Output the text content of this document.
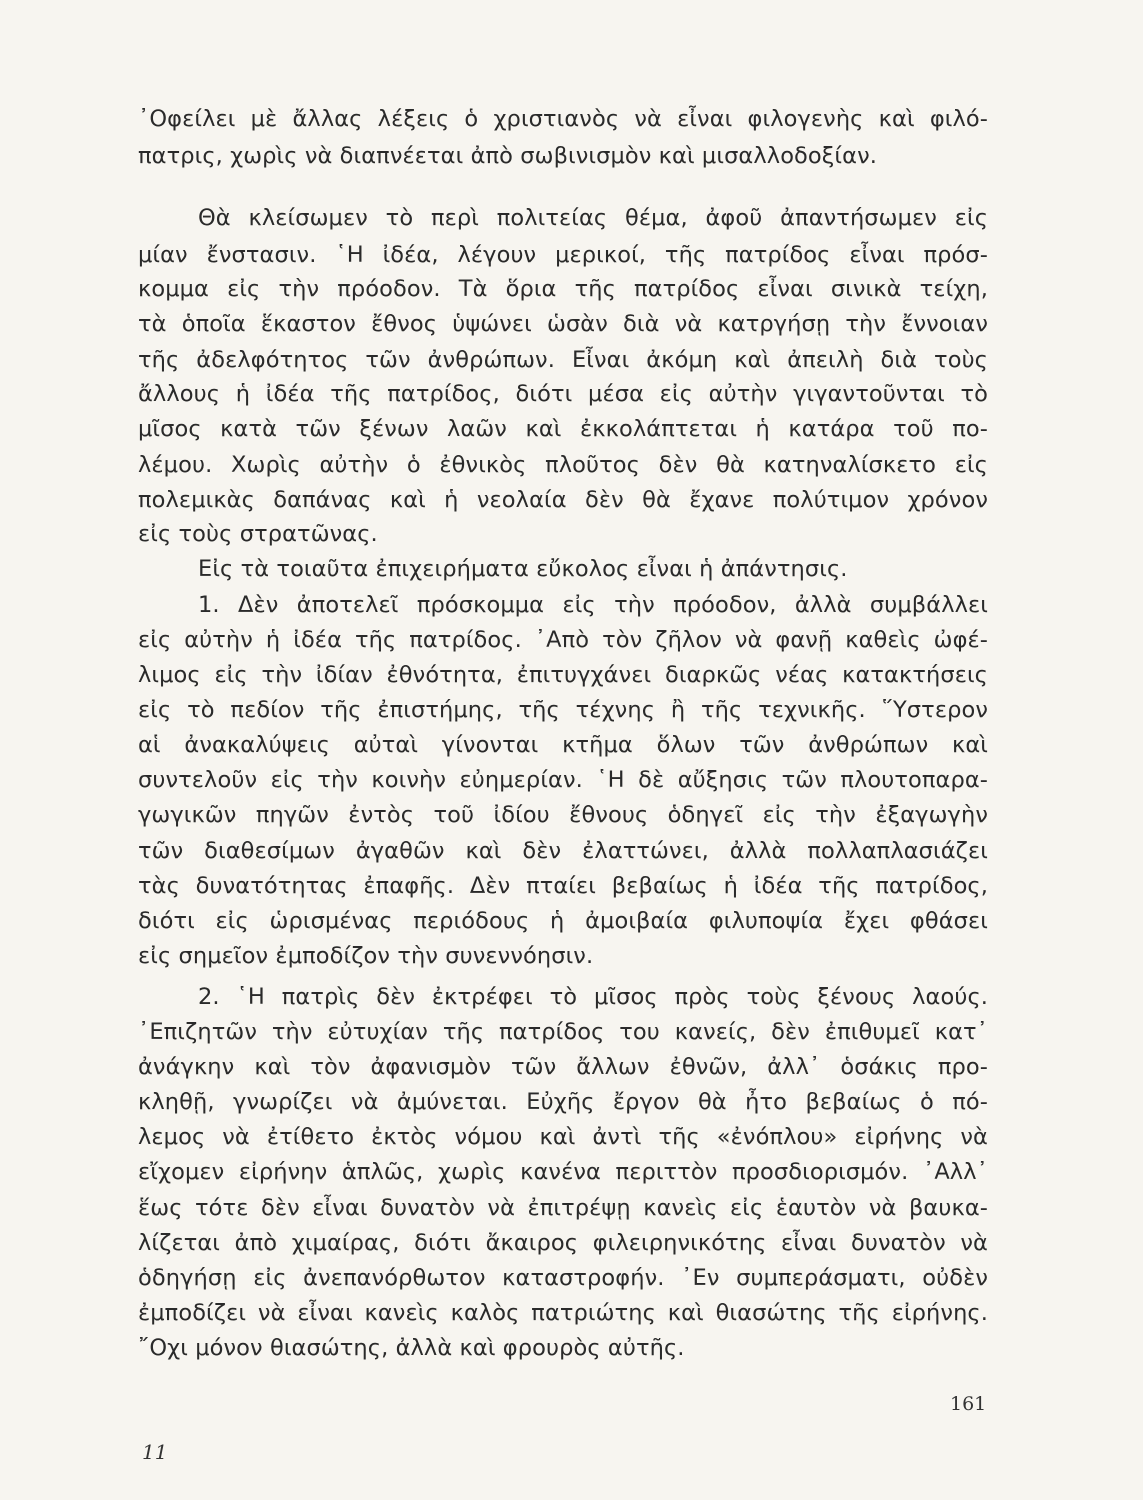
᾿Οφείλει μὲ ἄλλας λέξεις ὁ χριστιανὸς νὰ εἶναι φιλογενὴς καὶ φιλό-
πατρις, χωρὶς νὰ διαπνέεται ἀπὸ σωβινισμὸν καὶ μισαλλοδοξίαν.
Θὰ κλείσωμεν τὸ περὶ πολιτείας θέμα, ἀφοῦ ἀπαντήσωμεν εἰς
μίαν ἔνστασιν. ῾Η ἰδέα, λέγουν μερικοί, τῆς πατρίδος εἶναι πρόσ-
κομμα εἰς τὴν πρόοδον. Τὰ ὅρια τῆς πατρίδος εἶναι σινικὰ τείχη,
τὰ ὁποῖα ἕκαστον ἔθνος ὑψώνει ὡσὰν διὰ νὰ κατργήσῃ τὴν ἔννοιαν
τῆς ἀδελφότητος τῶν ἀνθρώπων. Εἶναι ἀκόμη καὶ ἀπειλὴ διὰ τοὺς
ἄλλους ἡ ἰδέα τῆς πατρίδος, διότι μέσα εἰς αὐτὴν γιγαντοῦνται τὸ
μῖσος κατὰ τῶν ξένων λαῶν καὶ ἐκκολάπτεται ἡ κατάρα τοῦ πο-
λέμου. Χωρὶς αὐτὴν ὁ ἐθνικὸς πλοῦτος δὲν θὰ κατηναλίσκετο εἰς
πολεμικὰς δαπάνας καὶ ἡ νεολαία δὲν θὰ ἔχανε πολύτιμον χρόνον
εἰς τοὺς στρατῶνας.
Εἰς τὰ τοιαῦτα ἐπιχειρήματα εὔκολος εἶναι ἡ ἀπάντησις.
1. Δὲν ἀποτελεῖ πρόσκομμα εἰς τὴν πρόοδον, ἀλλὰ συμβάλλει
εἰς αὐτὴν ἡ ἰδέα τῆς πατρίδος. ᾿Απὸ τὸν ζῆλον νὰ φανῇ καθεὶς ὠφέ-
λιμος εἰς τὴν ἰδίαν ἐθνότητα, ἐπιτυγχάνει διαρκῶς νέας κατακτήσεις
εἰς τὸ πεδίον τῆς ἐπιστήμης, τῆς τέχνης ἢ τῆς τεχνικῆς. ῞Υστερον
αἱ ἀνακαλύψεις αὐταὶ γίνονται κτῆμα ὅλων τῶν ἀνθρώπων καὶ
συντελοῦν εἰς τὴν κοινὴν εὐημερίαν. ῾Η δὲ αὔξησις τῶν πλουτοπαρα-
γωγικῶν πηγῶν ἐντὸς τοῦ ἰδίου ἔθνους ὁδηγεῖ εἰς τὴν ἐξαγωγὴν
τῶν διαθεσίμων ἀγαθῶν καὶ δὲν ἐλαττώνει, ἀλλὰ πολλαπλασιάζει
τὰς δυνατότητας ἐπαφῆς. Δὲν πταίει βεβαίως ἡ ἰδέα τῆς πατρίδος,
διότι εἰς ὡρισμένας περιόδους ἡ ἀμοιβαία φιλυποψία ἔχει φθάσει
εἰς σημεῖον ἐμποδίζον τὴν συνεννόησιν.
2. ῾Η πατρὶς δὲν ἐκτρέφει τὸ μῖσος πρὸς τοὺς ξένους λαούς.
᾿Επιζητῶν τὴν εὐτυχίαν τῆς πατρίδος του κανείς, δὲν ἐπιθυμεῖ κατ᾿
ἀνάγκην καὶ τὸν ἀφανισμὸν τῶν ἄλλων ἐθνῶν, ἀλλ᾿ ὁσάκις προ-
κληθῇ, γνωρίζει νὰ ἀμύνεται. Εὐχῆς ἔργον θὰ ἦτο βεβαίως ὁ πό-
λεμος νὰ ἐτίθετο ἐκτὸς νόμου καὶ ἀντὶ τῆς «ἐνόπλου» εἰρήνης νὰ
εἴχομεν εἰρήνην ἁπλῶς, χωρὶς κανένα περιττὸν προσδιορισμόν. ᾿Αλλ᾿
ἕως τότε δὲν εἶναι δυνατὸν νὰ ἐπιτρέψῃ κανεὶς εἰς ἑαυτὸν νὰ βαυκα-
λίζεται ἀπὸ χιμαίρας, διότι ἄκαιρος φιλειρηνικότης εἶναι δυνατὸν νὰ
ὁδηγήσῃ εἰς ἀνεπανόρθωτον καταστροφήν. ᾿Εν συμπεράσματι, οὐδὲν
ἐμποδίζει νὰ εἶναι κανεὶς καλὸς πατριώτης καὶ θιασώτης τῆς εἰρήνης.
῎Οχι μόνον θιασώτης, ἀλλὰ καὶ φρουρὸς αὐτῆς.
161
11
